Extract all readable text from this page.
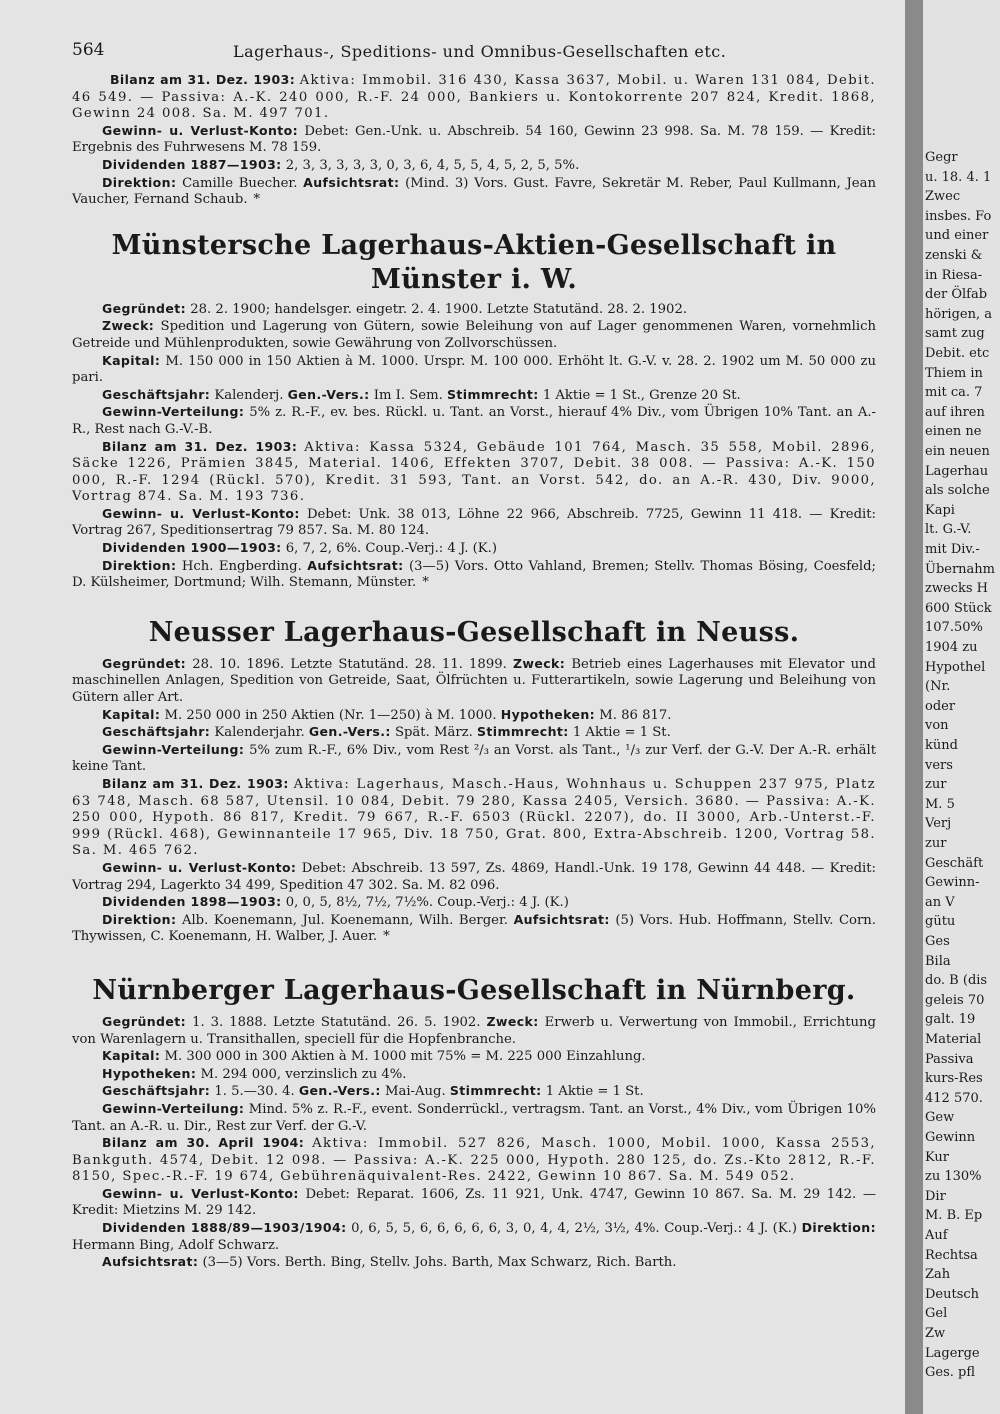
564	Lagerhaus-, Speditions- und Omnibus-Gesellschaften etc.

Bilanz am 31. Dez. 1903: Aktiva: Immobil. 316 430, Kassa 3637, Mobil. u. Waren 131 084, Debit. 46 549. — Passiva: A.-K. 240 000, R.-F. 24 000, Bankiers u. Kontokorrente 207 824, Kredit. 1868, Gewinn 24 008. Sa. M. 497 701.

Gewinn- u. Verlust-Konto: Debet: Gen.-Unk. u. Abschreib. 54 160, Gewinn 23 998. Sa. M. 78 159. — Kredit: Ergebnis des Fuhrwesens M. 78 159.

Dividenden 1887—1903: 2, 3, 3, 3, 3, 3, 0, 3, 6, 4, 5, 5, 4, 5, 2, 5, 5%.

Direktion: Camille Buecher. Aufsichtsrat: (Mind. 3) Vors. Gust. Favre, Sekretär M. Reber, Paul Kullmann, Jean Vaucher, Fernand Schaub. *

Münstersche Lagerhaus-Aktien-Gesellschaft in Münster i. W.

Gegründet: 28. 2. 1900; handelsger. eingetr. 2. 4. 1900. Letzte Statutänd. 28. 2. 1902.

Zweck: Spedition und Lagerung von Gütern, sowie Beleihung von auf Lager genommenen Waren, vornehmlich Getreide und Mühlenprodukten, sowie Gewährung von Zollvorschüssen.

Kapital: M. 150 000 in 150 Aktien à M. 1000. Urspr. M. 100 000. Erhöht lt. G.-V. v. 28. 2. 1902 um M. 50 000 zu pari.

Geschäftsjahr: Kalenderj. Gen.-Vers.: Im I. Sem. Stimmrecht: 1 Aktie = 1 St., Grenze 20 St.

Gewinn-Verteilung: 5% z. R.-F., ev. bes. Rückl. u. Tant. an Vorst., hierauf 4% Div., vom Übrigen 10% Tant. an A.-R., Rest nach G.-V.-B.

Bilanz am 31. Dez. 1903: Aktiva: Kassa 5324, Gebäude 101 764, Masch. 35 558, Mobil. 2896, Säcke 1226, Prämien 3845, Material. 1406, Effekten 3707, Debit. 38 008. — Passiva: A.-K. 150 000, R.-F. 1294 (Rückl. 570), Kredit. 31 593, Tant. an Vorst. 542, do. an A.-R. 430, Div. 9000, Vortrag 874. Sa. M. 193 736.

Gewinn- u. Verlust-Konto: Debet: Unk. 38 013, Löhne 22 966, Abschreib. 7725, Gewinn 11 418. — Kredit: Vortrag 267, Speditionsertrag 79 857. Sa. M. 80 124.

Dividenden 1900—1903: 6, 7, 2, 6%. Coup.-Verj.: 4 J. (K.)

Direktion: Hch. Engberding. Aufsichtsrat: (3—5) Vors. Otto Vahland, Bremen; Stellv. Thomas Bösing, Coesfeld; D. Külsheimer, Dortmund; Wilh. Stemann, Münster. *

Neusser Lagerhaus-Gesellschaft in Neuss.

Gegründet: 28. 10. 1896. Letzte Statutänd. 28. 11. 1899. Zweck: Betrieb eines Lagerhauses mit Elevator und maschinellen Anlagen, Spedition von Getreide, Saat, Ölfrüchten u. Futterartikeln, sowie Lagerung und Beleihung von Gütern aller Art.

Kapital: M. 250 000 in 250 Aktien (Nr. 1—250) à M. 1000. Hypotheken: M. 86 817.

Geschäftsjahr: Kalenderjahr. Gen.-Vers.: Spät. März. Stimmrecht: 1 Aktie = 1 St.

Gewinn-Verteilung: 5% zum R.-F., 6% Div., vom Rest ²/₃ an Vorst. als Tant., ¹/₃ zur Verf. der G.-V. Der A.-R. erhält keine Tant.

Bilanz am 31. Dez. 1903: Aktiva: Lagerhaus, Masch.-Haus, Wohnhaus u. Schuppen 237 975, Platz 63 748, Masch. 68 587, Utensil. 10 084, Debit. 79 280, Kassa 2405, Versich. 3680. — Passiva: A.-K. 250 000, Hypoth. 86 817, Kredit. 79 667, R.-F. 6503 (Rückl. 2207), do. II 3000, Arb.-Unterst.-F. 999 (Rückl. 468), Gewinnanteile 17 965, Div. 18 750, Grat. 800, Extra-Abschreib. 1200, Vortrag 58. Sa. M. 465 762.

Gewinn- u. Verlust-Konto: Debet: Abschreib. 13 597, Zs. 4869, Handl.-Unk. 19 178, Gewinn 44 448. — Kredit: Vortrag 294, Lagerkto 34 499, Spedition 47 302. Sa. M. 82 096.

Dividenden 1898—1903: 0, 0, 5, 8½, 7½, 7½%. Coup.-Verj.: 4 J. (K.)

Direktion: Alb. Koenemann, Jul. Koenemann, Wilh. Berger. Aufsichtsrat: (5) Vors. Hub. Hoffmann, Stellv. Corn. Thywissen, C. Koenemann, H. Walber, J. Auer. *

Nürnberger Lagerhaus-Gesellschaft in Nürnberg.

Gegründet: 1. 3. 1888. Letzte Statutänd. 26. 5. 1902. Zweck: Erwerb u. Verwertung von Immobil., Errichtung von Warenlagern u. Transithallen, speciell für die Hopfenbranche.

Kapital: M. 300 000 in 300 Aktien à M. 1000 mit 75% = M. 225 000 Einzahlung.

Hypotheken: M. 294 000, verzinslich zu 4%.

Geschäftsjahr: 1. 5.—30. 4. Gen.-Vers.: Mai-Aug. Stimmrecht: 1 Aktie = 1 St.

Gewinn-Verteilung: Mind. 5% z. R.-F., event. Sonderrückl., vertragsm. Tant. an Vorst., 4% Div., vom Übrigen 10% Tant. an A.-R. u. Dir., Rest zur Verf. der G.-V.

Bilanz am 30. April 1904: Aktiva: Immobil. 527 826, Masch. 1000, Mobil. 1000, Kassa 2553, Bankguth. 4574, Debit. 12 098. — Passiva: A.-K. 225 000, Hypoth. 280 125, do. Zs.-Kto 2812, R.-F. 8150, Spec.-R.-F. 19 674, Gebührenäquivalent-Res. 2422, Gewinn 10 867. Sa. M. 549 052.

Gewinn- u. Verlust-Konto: Debet: Reparat. 1606, Zs. 11 921, Unk. 4747, Gewinn 10 867. Sa. M. 29 142. — Kredit: Mietzins M. 29 142.

Dividenden 1888/89—1903/1904: 0, 6, 5, 5, 6, 6, 6, 6, 6, 3, 0, 4, 4, 2½, 3½, 4%. Coup.-Verj.: 4 J. (K.) Direktion: Hermann Bing, Adolf Schwarz.

Aufsichtsrat: (3—5) Vors. Berth. Bing, Stellv. Johs. Barth, Max Schwarz, Rich. Barth.

Gegr
u. 18. 4. 1
Zwec
insbes. Fo
und einer
zenski &
in Riesa-
der Ölfab
hörigen, a
samt zug
Debit. etc
Thiem in
mit ca. 7
auf ihren
einen ne
ein neuen
Lagerhau
als solche
Kapi
lt. G.-V.
mit Div.-
Übernahm
zwecks H
600 Stück
107.50%
1904 zu
Hypothel
(Nr.
oder
von
künd
vers
zur
M. 5
Verj
zur
Geschäft
Gewinn-
an V
gütu
Ges
Bila
do. B (dis
geleis 70
galt. 19
Material
Passiva
kurs-Res
412 570.
Gew
Gewinn
Kur
zu 130%
Dir
M. B. Ep
Auf
Rechtsa
Zah
Deutsch
Gel
Zw
Lagerge
Ges. pfl
